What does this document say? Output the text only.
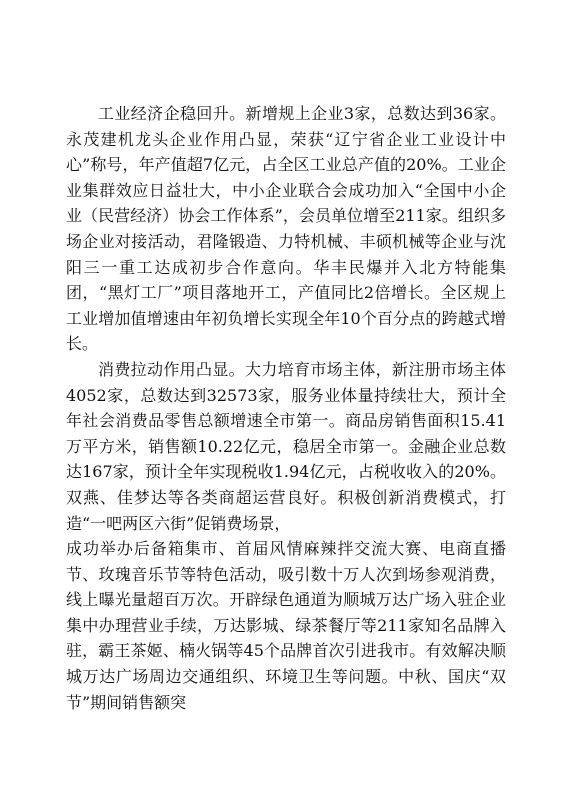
工业经济企稳回升。新增规上企业3家，总数达到36家。永茂建机龙头企业作用凸显，荣获“辽宁省企业工业设计中心”称号，年产值超7亿元，占全区工业总产值的20%。工业企业集群效应日益壮大，中小企业联合会成功加入“全国中小企业（民营经济）协会工作体系”，会员单位增至211家。组织多场企业对接活动，君隆锻造、力特机械、丰硕机械等企业与沈阳三一重工达成初步合作意向。华丰民爆并入北方特能集团，“黑灯工厂”项目落地开工，产值同比2倍增长。全区规上工业增加值增速由年初负增长实现全年10个百分点的跨越式增长。

消费拉动作用凸显。大力培育市场主体，新注册市场主体4052家，总数达到32573家，服务业体量持续壮大，预计全年社会消费品零售总额增速全市第一。商品房销售面积15.41万平方米，销售额10.22亿元，稳居全市第一。金融企业总数达167家，预计全年实现税收1.94亿元，占税收收入的20%。双燕、佳梦达等各类商超运营良好。积极创新消费模式，打造“一吧两区六街”促销费场景，

成功举办后备箱集市、首届风情麻辣拌交流大赛、电商直播节、玫瑰音乐节等特色活动，吸引数十万人次到场参观消费，线上曝光量超百万次。开辟绿色通道为顺城万达广场入驻企业集中办理营业手续，万达影城、绿茶餐厅等211家知名品牌入驻，霸王茶姬、楠火锅等45个品牌首次引进我市。有效解决顺城万达广场周边交通组织、环境卫生等问题。中秋、国庆“双节”期间销售额突
